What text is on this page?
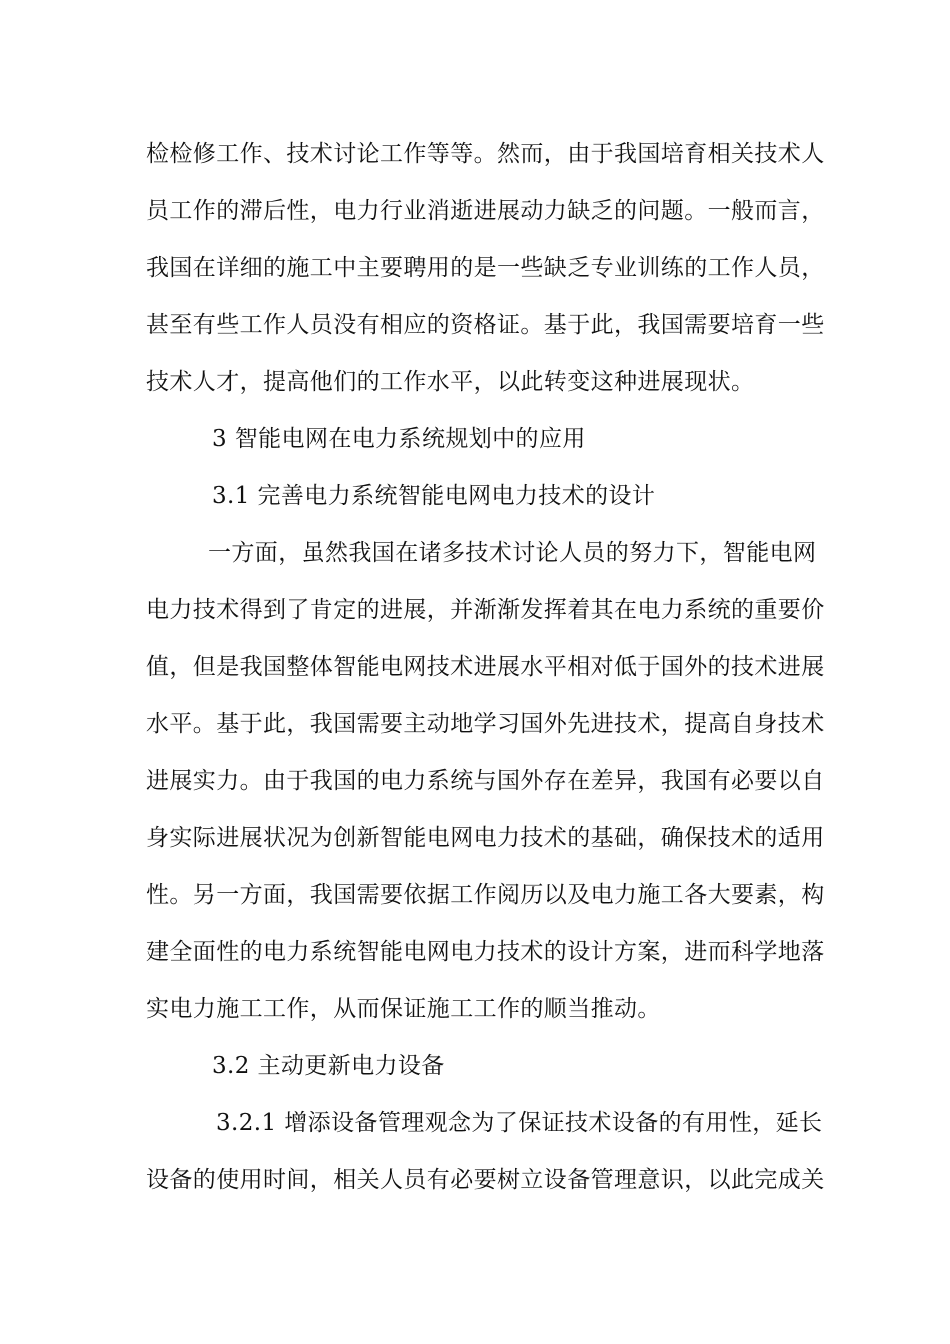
检检修工作、技术讨论工作等等。然而，由于我国培育相关技术人
员工作的滞后性，电力行业消逝进展动力缺乏的问题。一般而言，
我国在详细的施工中主要聘用的是一些缺乏专业训练的工作人员，
甚至有些工作人员没有相应的资格证。基于此，我国需要培育一些
技术人才，提高他们的工作水平，以此转变这种进展现状。
3 智能电网在电力系统规划中的应用
3.1 完善电力系统智能电网电力技术的设计
一方面，虽然我国在诸多技术讨论人员的努力下，智能电网
电力技术得到了肯定的进展，并渐渐发挥着其在电力系统的重要价
值，但是我国整体智能电网技术进展水平相对低于国外的技术进展
水平。基于此，我国需要主动地学习国外先进技术，提高自身技术
进展实力。由于我国的电力系统与国外存在差异，我国有必要以自
身实际进展状况为创新智能电网电力技术的基础，确保技术的适用
性。另一方面，我国需要依据工作阅历以及电力施工各大要素，构
建全面性的电力系统智能电网电力技术的设计方案，进而科学地落
实电力施工工作，从而保证施工工作的顺当推动。
3.2 主动更新电力设备
3.2.1 增添设备管理观念为了保证技术设备的有用性，延长
设备的使用时间，相关人员有必要树立设备管理意识，以此完成关
